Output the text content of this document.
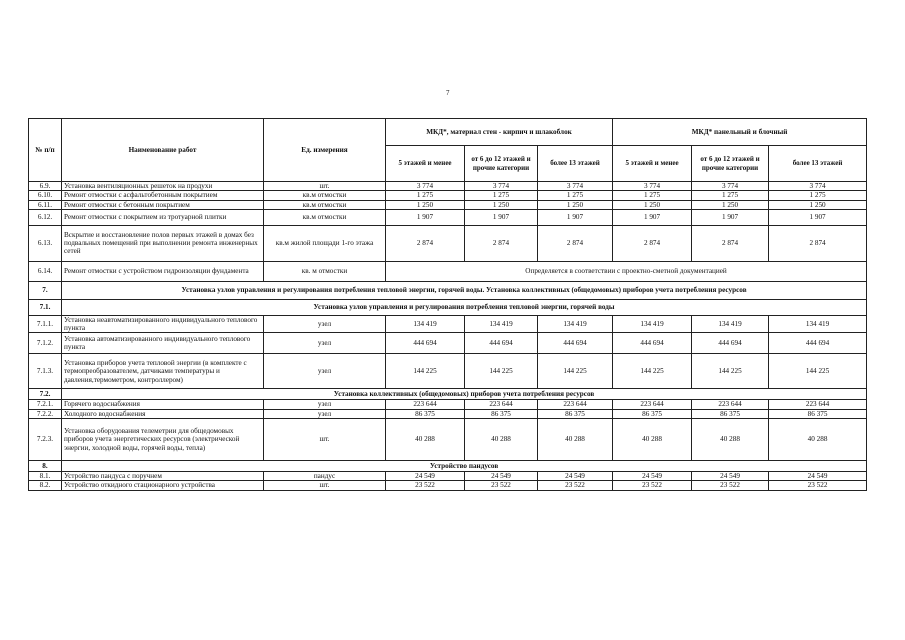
7
№ п/п	Наименование работ	Ед. измерения	МКД*, материал стен - кирпич и шлакоблок			МКД* панельный и блочный		
			5 этажей и менее	от 6 до 12 этажей и прочие категории	более 13 этажей	5 этажей и менее	от 6 до 12 этажей и прочие категории	более 13 этажей
6.9.	Установка вентиляционных решеток на продухи	шт.	3 774	3 774	3 774	3 774	3 774	3 774
6.10.	Ремонт отмостки с асфальтобетонным покрытием	кв.м отмостки	1 275	1 275	1 275	1 275	1 275	1 275
6.11.	Ремонт отмостки с бетонным покрытием	кв.м отмостки	1 250	1 250	1 250	1 250	1 250	1 250
6.12.	Ремонт отмостки с покрытием из тротуарной плитки	кв.м отмостки	1 907	1 907	1 907	1 907	1 907	1 907
6.13.	Вскрытие и восстановление полов первых этажей в домах без подвальных помещений при выполнении ремонта инженерных сетей	кв.м жилой площади 1-го этажа	2 874	2 874	2 874	2 874	2 874	2 874
6.14.	Ремонт отмостки с устройством гидроизоляции фундамента	кв. м отмостки	Определяется в соответствии с проектно-сметной документацией					
7.	Установка узлов управления и регулирования потребления тепловой энергии, горячей воды. Установка коллективных (общедомовых) приборов учета потребления ресурсов							
7.1.	Установка узлов управления и регулирования потребления тепловой энергии, горячей воды							
7.1.1.	Установка неавтоматизированного индивидуального теплового пункта	узел	134 419	134 419	134 419	134 419	134 419	134 419
7.1.2.	Установка автоматизированного индивидуального теплового пункта	узел	444 694	444 694	444 694	444 694	444 694	444 694
7.1.3.	Установка приборов учета тепловой энергии (в комплекте с термопреобразователем, датчиками температуры и давления,термометром, контроллером)	узел	144 225	144 225	144 225	144 225	144 225	144 225
7.2.	Установка коллективных (общедомовых) приборов учета потребления ресурсов							
7.2.1.	Горячего водоснабжения	узел	223 644	223 644	223 644	223 644	223 644	223 644
7.2.2.	Холодного водоснабжения	узел	86 375	86 375	86 375	86 375	86 375	86 375
7.2.3.	Установка оборудования телеметрии для общедомовых приборов учета энергетических ресурсов (электрической энергии, холодной воды, горячей воды, тепла)	шт.	40 288	40 288	40 288	40 288	40 288	40 288
8.	Устройство пандусов							
8.1.	Устройство пандуса с поручнем	пандус	24 549	24 549	24 549	24 549	24 549	24 549
8.2.	Устройство откидного стационарного устройства	шт.	23 522	23 522	23 522	23 522	23 522	23 522
